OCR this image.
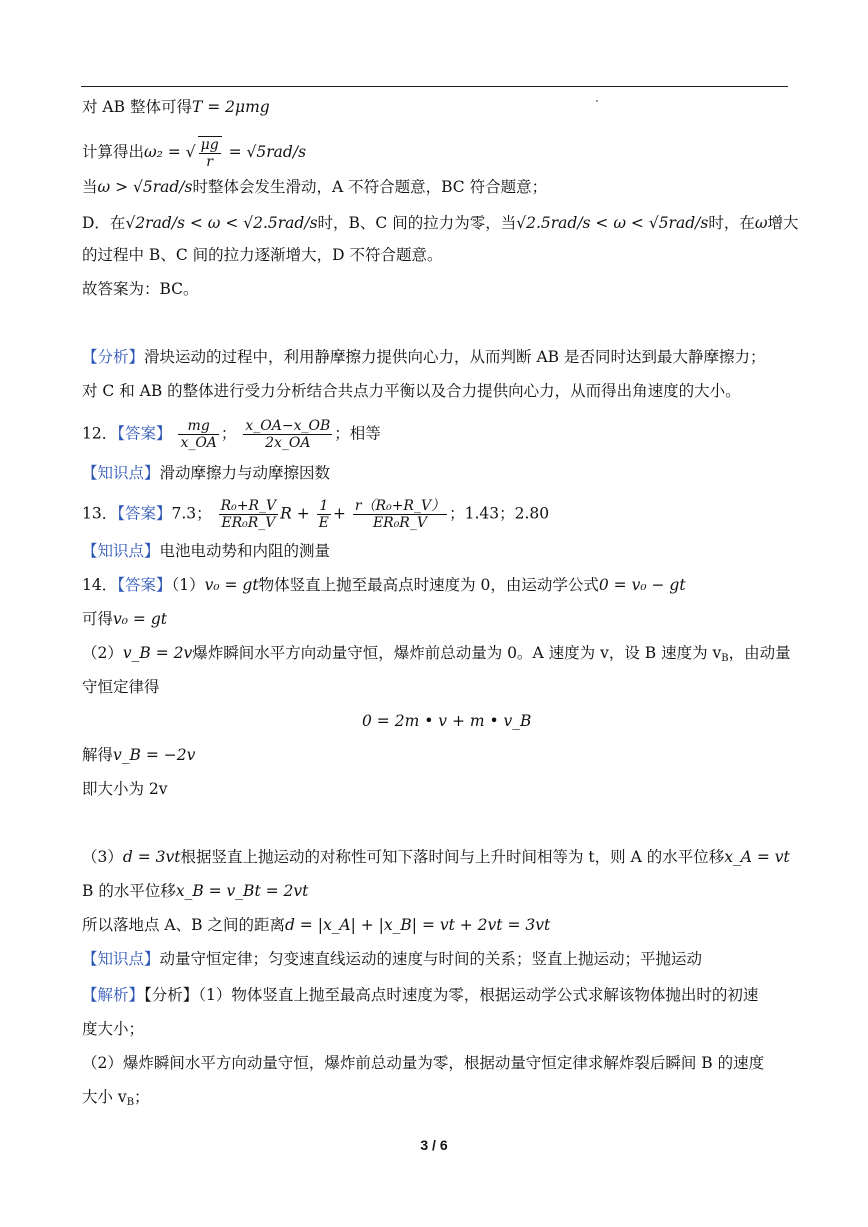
对 AB 整体可得T = 2μmg
计算得出ω₂ = √ $\frac{\mu g}{r} = √5rad/s$
当ω > √5rad/s时整体会发生滑动，A 不符合题意，BC 符合题意；
D．在√2rad/s < ω < √2.5rad/s时，B、C 间的拉力为零，当√2.5rad/s < ω < √5rad/s时，在ω增大
的过程中 B、C 间的拉力逐渐增大，D 不符合题意。
故答案为：BC。
【分析】滑块运动的过程中，利用静摩擦力提供向心力，从而判断 AB 是否同时达到最大静摩擦力；
对 C 和 AB 的整体进行受力分析结合共点力平衡以及合力提供向心力，从而得出角速度的大小。
12．【答案】 $\frac{mg}{x\_OA}$ ； $\frac{x\_OA-x\_OB}{2x\_OA}$ ；相等
【知识点】滑动摩擦力与动摩擦因数
13．【答案】7.3； $\frac{\text{R₀+R\_V}}{\text{ER₀R\_V}}$ $R + \frac{1}{E} + \frac{\text{r（R₀+R\_V）}}{\text{ER₀R\_V}}$ ；1.43；2.80
【知识点】电池电动势和内阻的测量
14．【答案】（1）v₀ = gt物体竖直上抛至最高点时速度为 0，由运动学公式0 = v₀ − gt
可得v₀ = gt
（2）v_B = 2v爆炸瞬间水平方向动量守恒，爆炸前总动量为 0。A 速度为 v，设 B 速度为 $v_B$，由动量
守恒定律得
0 = 2m • v + m • v_B
解得v_B = −2v
即大小为 2v
（3）d = 3vt根据竖直上抛运动的对称性可知下落时间与上升时间相等为 t，则 A 的水平位移x_A = vt
B 的水平位移x_B = v_Bt = 2vt
所以落地点 A、B 之间的距离d = |x_A| + |x_B| = vt + 2vt = 3vt
【知识点】动量守恒定律；匀变速直线运动的速度与时间的关系；竖直上抛运动；平抛运动
【解析】【分析】（1）物体竖直上抛至最高点时速度为零，根据运动学公式求解该物体抛出时的初速
度大小；
（2）爆炸瞬间水平方向动量守恒，爆炸前总动量为零，根据动量守恒定律求解炸裂后瞬间 B 的速度
大小 $v_B$；
3 / 6
